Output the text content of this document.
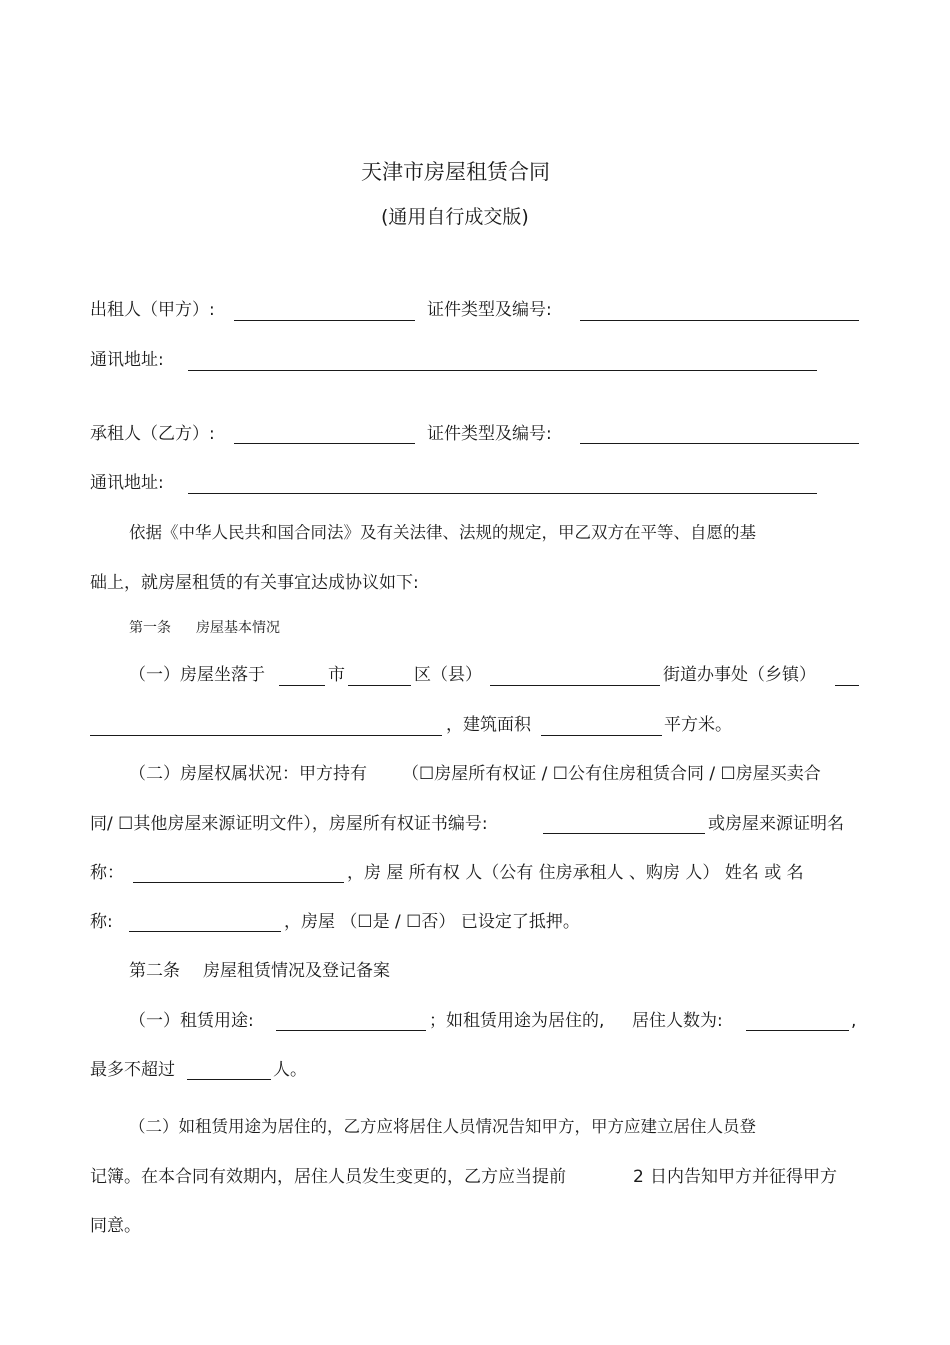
天津市房屋租赁合同
(通用自行成交版)
出租人（甲方）:	证件类型及编号:
通讯地址:
承租人（乙方）:	证件类型及编号:
通讯地址:
依据《中华人民共和国合同法》及有关法律、法规的规定，甲乙双方在平等、自愿的基
础上，就房屋租赁的有关事宜达成协议如下:
第一条 房屋基本情况
（一）房屋坐落于	市	区（县）	街道办事处（乡镇）
，建筑面积	平方米。
（二）房屋权属状况：甲方持有 （☐房屋所有权证 / ☐公有住房租赁合同 / ☐房屋买卖合
同/ ☐其他房屋来源证明文件），房屋所有权证书编号:	或房屋来源证明名
称：	，房 屋 所有权 人（公有 住房承租人 、购房 人） 姓名 或 名
称:	，房屋 （☐是 / ☐否） 已设定了抵押。
第二条 房屋租赁情况及登记备案
（一）租赁用途:	；如租赁用途为居住的, 居住人数为:	,
最多不超过	人。
（二）如租赁用途为居住的，乙方应将居住人员情况告知甲方，甲方应建立居住人员登
记簿。在本合同有效期内，居住人员发生变更的，乙方应当提前	2 日内告知甲方并征得甲方
同意。
